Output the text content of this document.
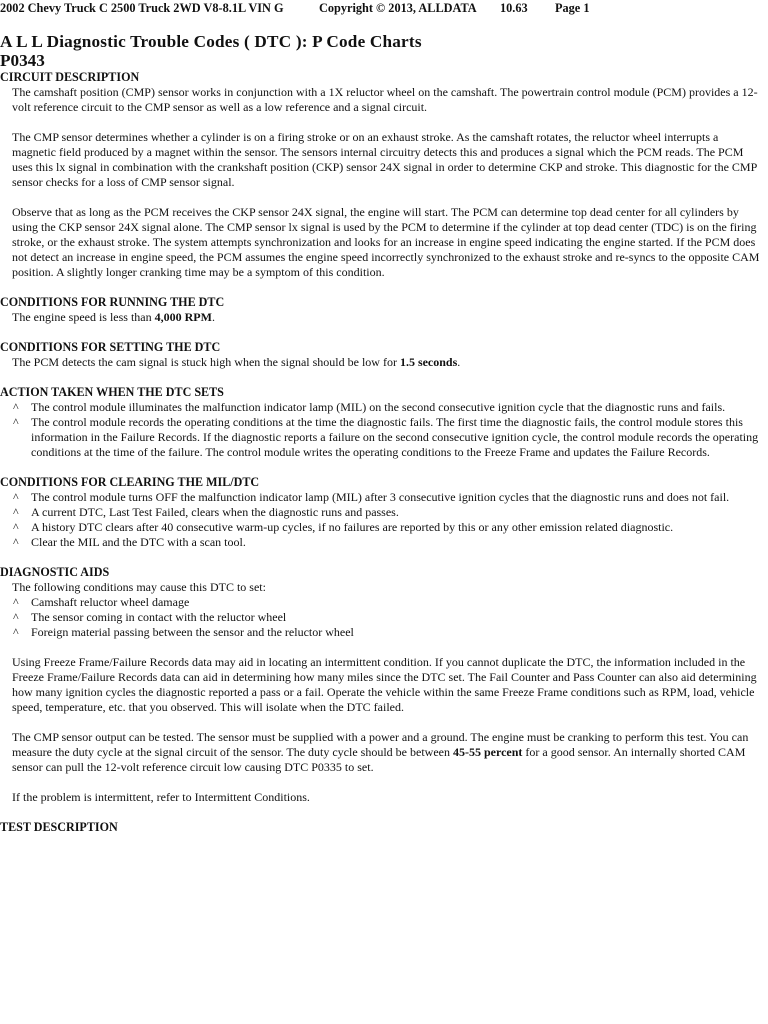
2002 Chevy Truck C 2500 Truck 2WD V8-8.1L VIN G	Copyright © 2013, ALLDATA 10.63 Page 1
A L L Diagnostic Trouble Codes ( DTC ): P Code Charts
P0343
CIRCUIT DESCRIPTION
The camshaft position (CMP) sensor works in conjunction with a 1X reluctor wheel on the camshaft. The powertrain control module (PCM) provides a 12-volt reference circuit to the CMP sensor as well as a low reference and a signal circuit.
The CMP sensor determines whether a cylinder is on a firing stroke or on an exhaust stroke. As the camshaft rotates, the reluctor wheel interrupts a magnetic field produced by a magnet within the sensor. The sensors internal circuitry detects this and produces a signal which the PCM reads. The PCM uses this lx signal in combination with the crankshaft position (CKP) sensor 24X signal in order to determine CKP and stroke. This diagnostic for the CMP sensor checks for a loss of CMP sensor signal.
Observe that as long as the PCM receives the CKP sensor 24X signal, the engine will start. The PCM can determine top dead center for all cylinders by using the CKP sensor 24X signal alone. The CMP sensor lx signal is used by the PCM to determine if the cylinder at top dead center (TDC) is on the firing stroke, or the exhaust stroke. The system attempts synchronization and looks for an increase in engine speed indicating the engine started. If the PCM does not detect an increase in engine speed, the PCM assumes the engine speed incorrectly synchronized to the exhaust stroke and re-syncs to the opposite CAM position. A slightly longer cranking time may be a symptom of this condition.
CONDITIONS FOR RUNNING THE DTC
The engine speed is less than 4,000 RPM.
CONDITIONS FOR SETTING THE DTC
The PCM detects the cam signal is stuck high when the signal should be low for 1.5 seconds.
ACTION TAKEN WHEN THE DTC SETS
^ The control module illuminates the malfunction indicator lamp (MIL) on the second consecutive ignition cycle that the diagnostic runs and fails.
^ The control module records the operating conditions at the time the diagnostic fails. The first time the diagnostic fails, the control module stores this information in the Failure Records. If the diagnostic reports a failure on the second consecutive ignition cycle, the control module records the operating conditions at the time of the failure. The control module writes the operating conditions to the Freeze Frame and updates the Failure Records.
CONDITIONS FOR CLEARING THE MIL/DTC
^ The control module turns OFF the malfunction indicator lamp (MIL) after 3 consecutive ignition cycles that the diagnostic runs and does not fail.
^ A current DTC, Last Test Failed, clears when the diagnostic runs and passes.
^ A history DTC clears after 40 consecutive warm-up cycles, if no failures are reported by this or any other emission related diagnostic.
^ Clear the MIL and the DTC with a scan tool.
DIAGNOSTIC AIDS
The following conditions may cause this DTC to set:
^ Camshaft reluctor wheel damage
^ The sensor coming in contact with the reluctor wheel
^ Foreign material passing between the sensor and the reluctor wheel
Using Freeze Frame/Failure Records data may aid in locating an intermittent condition. If you cannot duplicate the DTC, the information included in the Freeze Frame/Failure Records data can aid in determining how many miles since the DTC set. The Fail Counter and Pass Counter can also aid determining how many ignition cycles the diagnostic reported a pass or a fail. Operate the vehicle within the same Freeze Frame conditions such as RPM, load, vehicle speed, temperature, etc. that you observed. This will isolate when the DTC failed.
The CMP sensor output can be tested. The sensor must be supplied with a power and a ground. The engine must be cranking to perform this test. You can measure the duty cycle at the signal circuit of the sensor. The duty cycle should be between 45-55 percent for a good sensor. An internally shorted CAM sensor can pull the 12-volt reference circuit low causing DTC P0335 to set.
If the problem is intermittent, refer to Intermittent Conditions.
TEST DESCRIPTION
